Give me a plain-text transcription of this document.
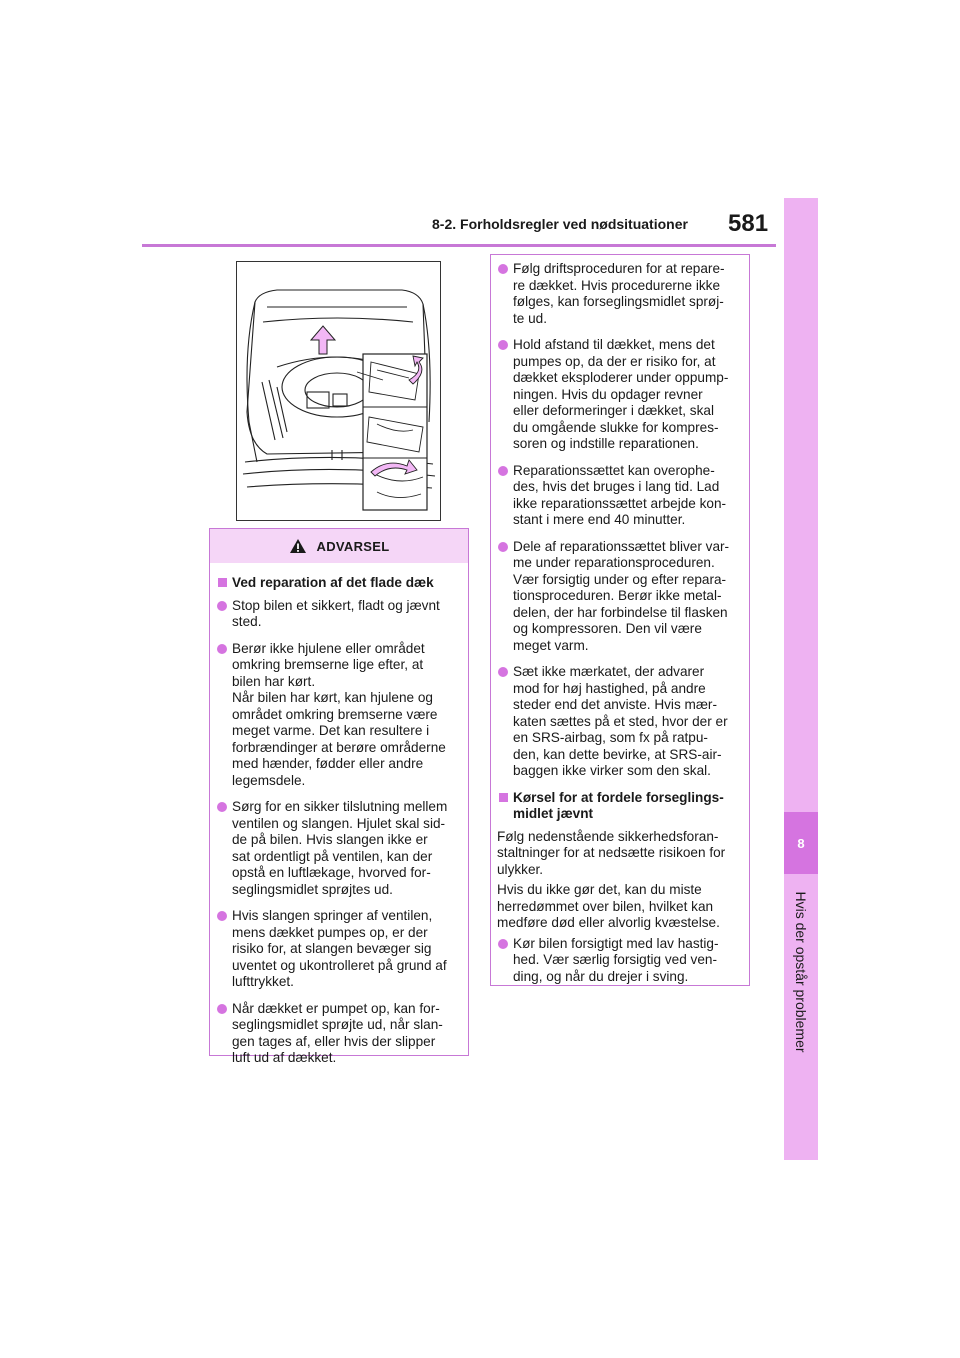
8-2. Forholdsregler ved nødsituationer 581
8
Hvis der opstår problemer
ADVARSEL
Ved reparation af det flade dæk
Stop bilen et sikkert, fladt og jævnt
sted.
Berør ikke hjulene eller området
omkring bremserne lige efter, at
bilen har kørt.
Når bilen har kørt, kan hjulene og
området omkring bremserne være
meget varme. Det kan resultere i
forbrændinger at berøre områderne
med hænder, fødder eller andre
legemsdele.
Sørg for en sikker tilslutning mellem
ventilen og slangen. Hjulet skal sid-
de på bilen. Hvis slangen ikke er
sat ordentligt på ventilen, kan der
opstå en luftlækage, hvorved for-
seglingsmidlet sprøjtes ud.
Hvis slangen springer af ventilen,
mens dækket pumpes op, er der
risiko for, at slangen bevæger sig
uventet og ukontrolleret på grund af
lufttrykket.
Når dækket er pumpet op, kan for-
seglingsmidlet sprøjte ud, når slan-
gen tages af, eller hvis der slipper
luft ud af dækket.
Følg driftsproceduren for at repare-
re dækket. Hvis procedurerne ikke
følges, kan forseglingsmidlet sprøj-
te ud.
Hold afstand til dækket, mens det
pumpes op, da der er risiko for, at
dækket eksploderer under oppump-
ningen. Hvis du opdager revner
eller deformeringer i dækket, skal
du omgående slukke for kompres-
soren og indstille reparationen.
Reparationssættet kan overophe-
des, hvis det bruges i lang tid. Lad
ikke reparationssættet arbejde kon-
stant i mere end 40 minutter.
Dele af reparationssættet bliver var-
me under reparationsproceduren.
Vær forsigtig under og efter repara-
tionsproceduren. Berør ikke metal-
delen, der har forbindelse til flasken
og kompressoren. Den vil være
meget varm.
Sæt ikke mærkatet, der advarer
mod for høj hastighed, på andre
steder end det anviste. Hvis mær-
katen sættes på et sted, hvor der er
en SRS-airbag, som fx på ratpu-
den, kan dette bevirke, at SRS-air-
baggen ikke virker som den skal.
Kørsel for at fordele forseglings-
midlet jævnt
Følg nedenstående sikkerhedsforan-
staltninger for at nedsætte risikoen for
ulykker.
Hvis du ikke gør det, kan du miste
herredømmet over bilen, hvilket kan
medføre død eller alvorlig kvæstelse.
Kør bilen forsigtigt med lav hastig-
hed. Vær særlig forsigtig ved ven-
ding, og når du drejer i sving.
